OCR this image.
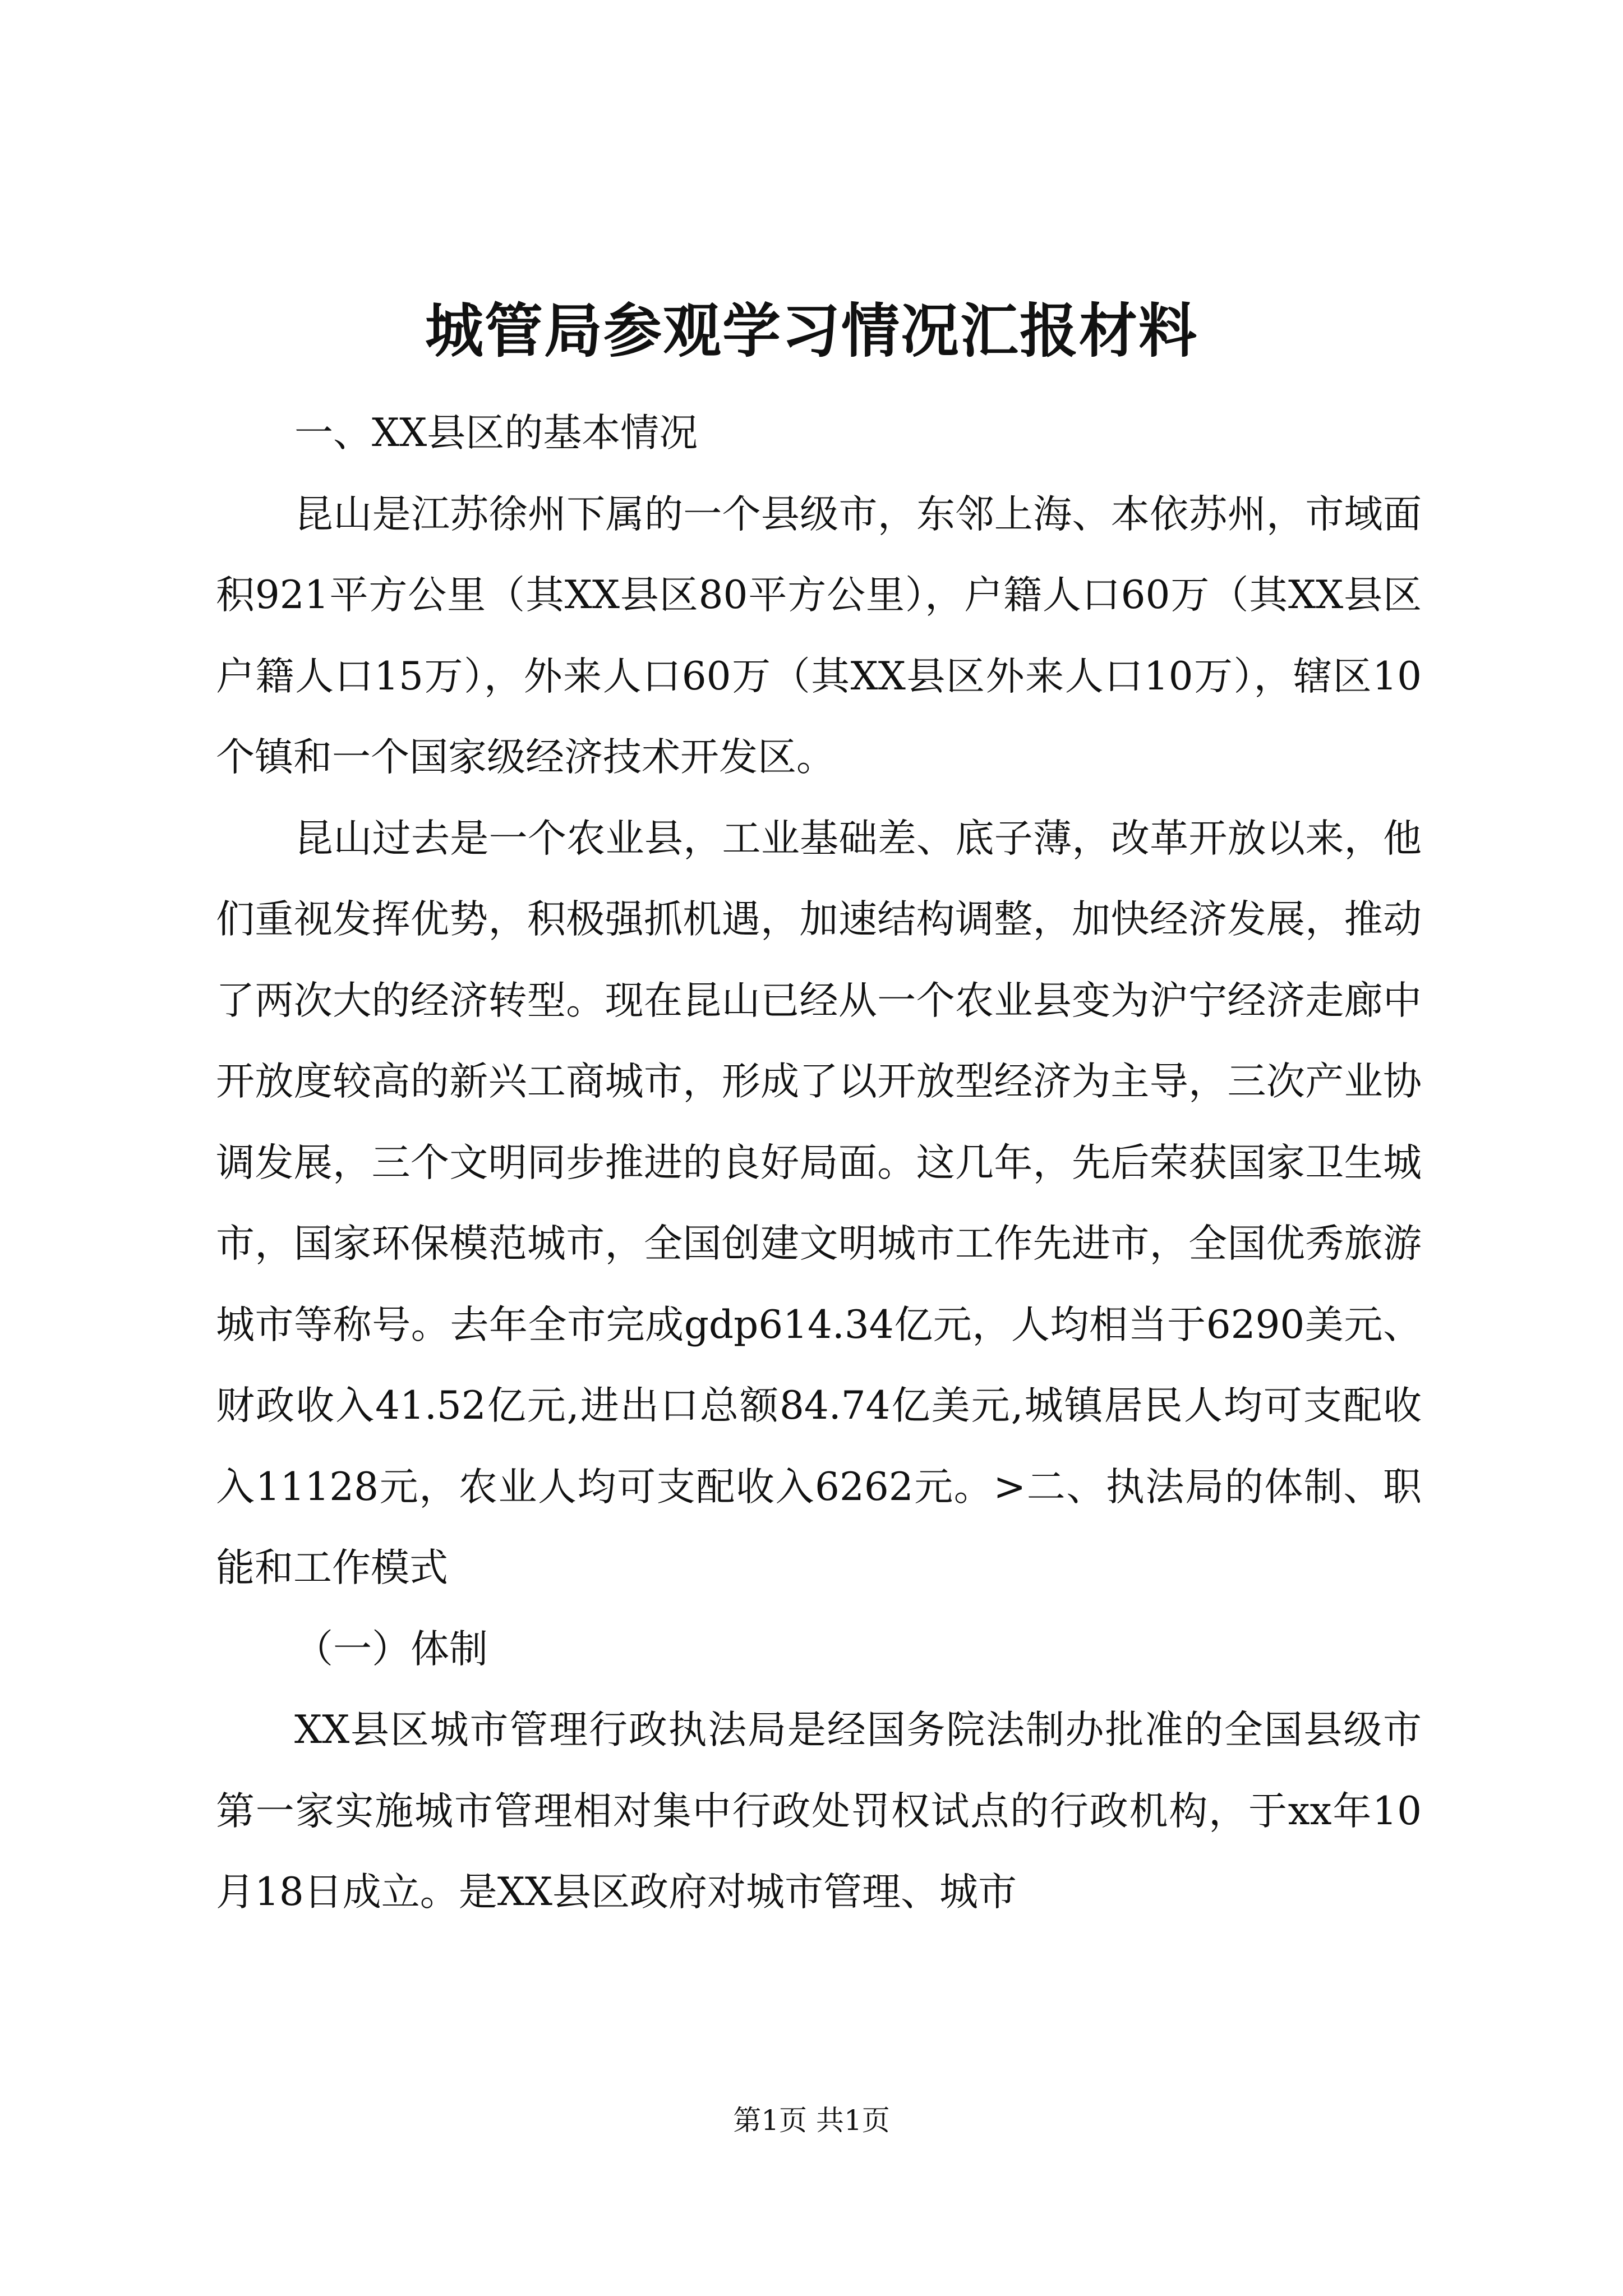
城管局参观学习情况汇报材料

一、XX县区的基本情况

昆山是江苏徐州下属的一个县级市，东邻上海、本依苏州，市域面积921平方公里（其XX县区80平方公里），户籍人口60万（其XX县区户籍人口15万），外来人口60万（其XX县区外来人口10万），辖区10个镇和一个国家级经济技术开发区。

昆山过去是一个农业县，工业基础差、底子薄，改革开放以来，他们重视发挥优势，积极强抓机遇，加速结构调整，加快经济发展，推动了两次大的经济转型。现在昆山已经从一个农业县变为沪宁经济走廊中开放度较高的新兴工商城市，形成了以开放型经济为主导，三次产业协调发展，三个文明同步推进的良好局面。这几年，先后荣获国家卫生城市，国家环保模范城市，全国创建文明城市工作先进市，全国优秀旅游城市等称号。去年全市完成gdp614.34亿元，人均相当于6290美元、财政收入41.52亿元,进出口总额84.74亿美元,城镇居民人均可支配收入11128元，农业人均可支配收入6262元。>二、执法局的体制、职能和工作模式

（一）体制

XX县区城市管理行政执法局是经国务院法制办批准的全国县级市第一家实施城市管理相对集中行政处罚权试点的行政机构，于xx年10月18日成立。是XX县区政府对城市管理、城市

第1页 共1页
